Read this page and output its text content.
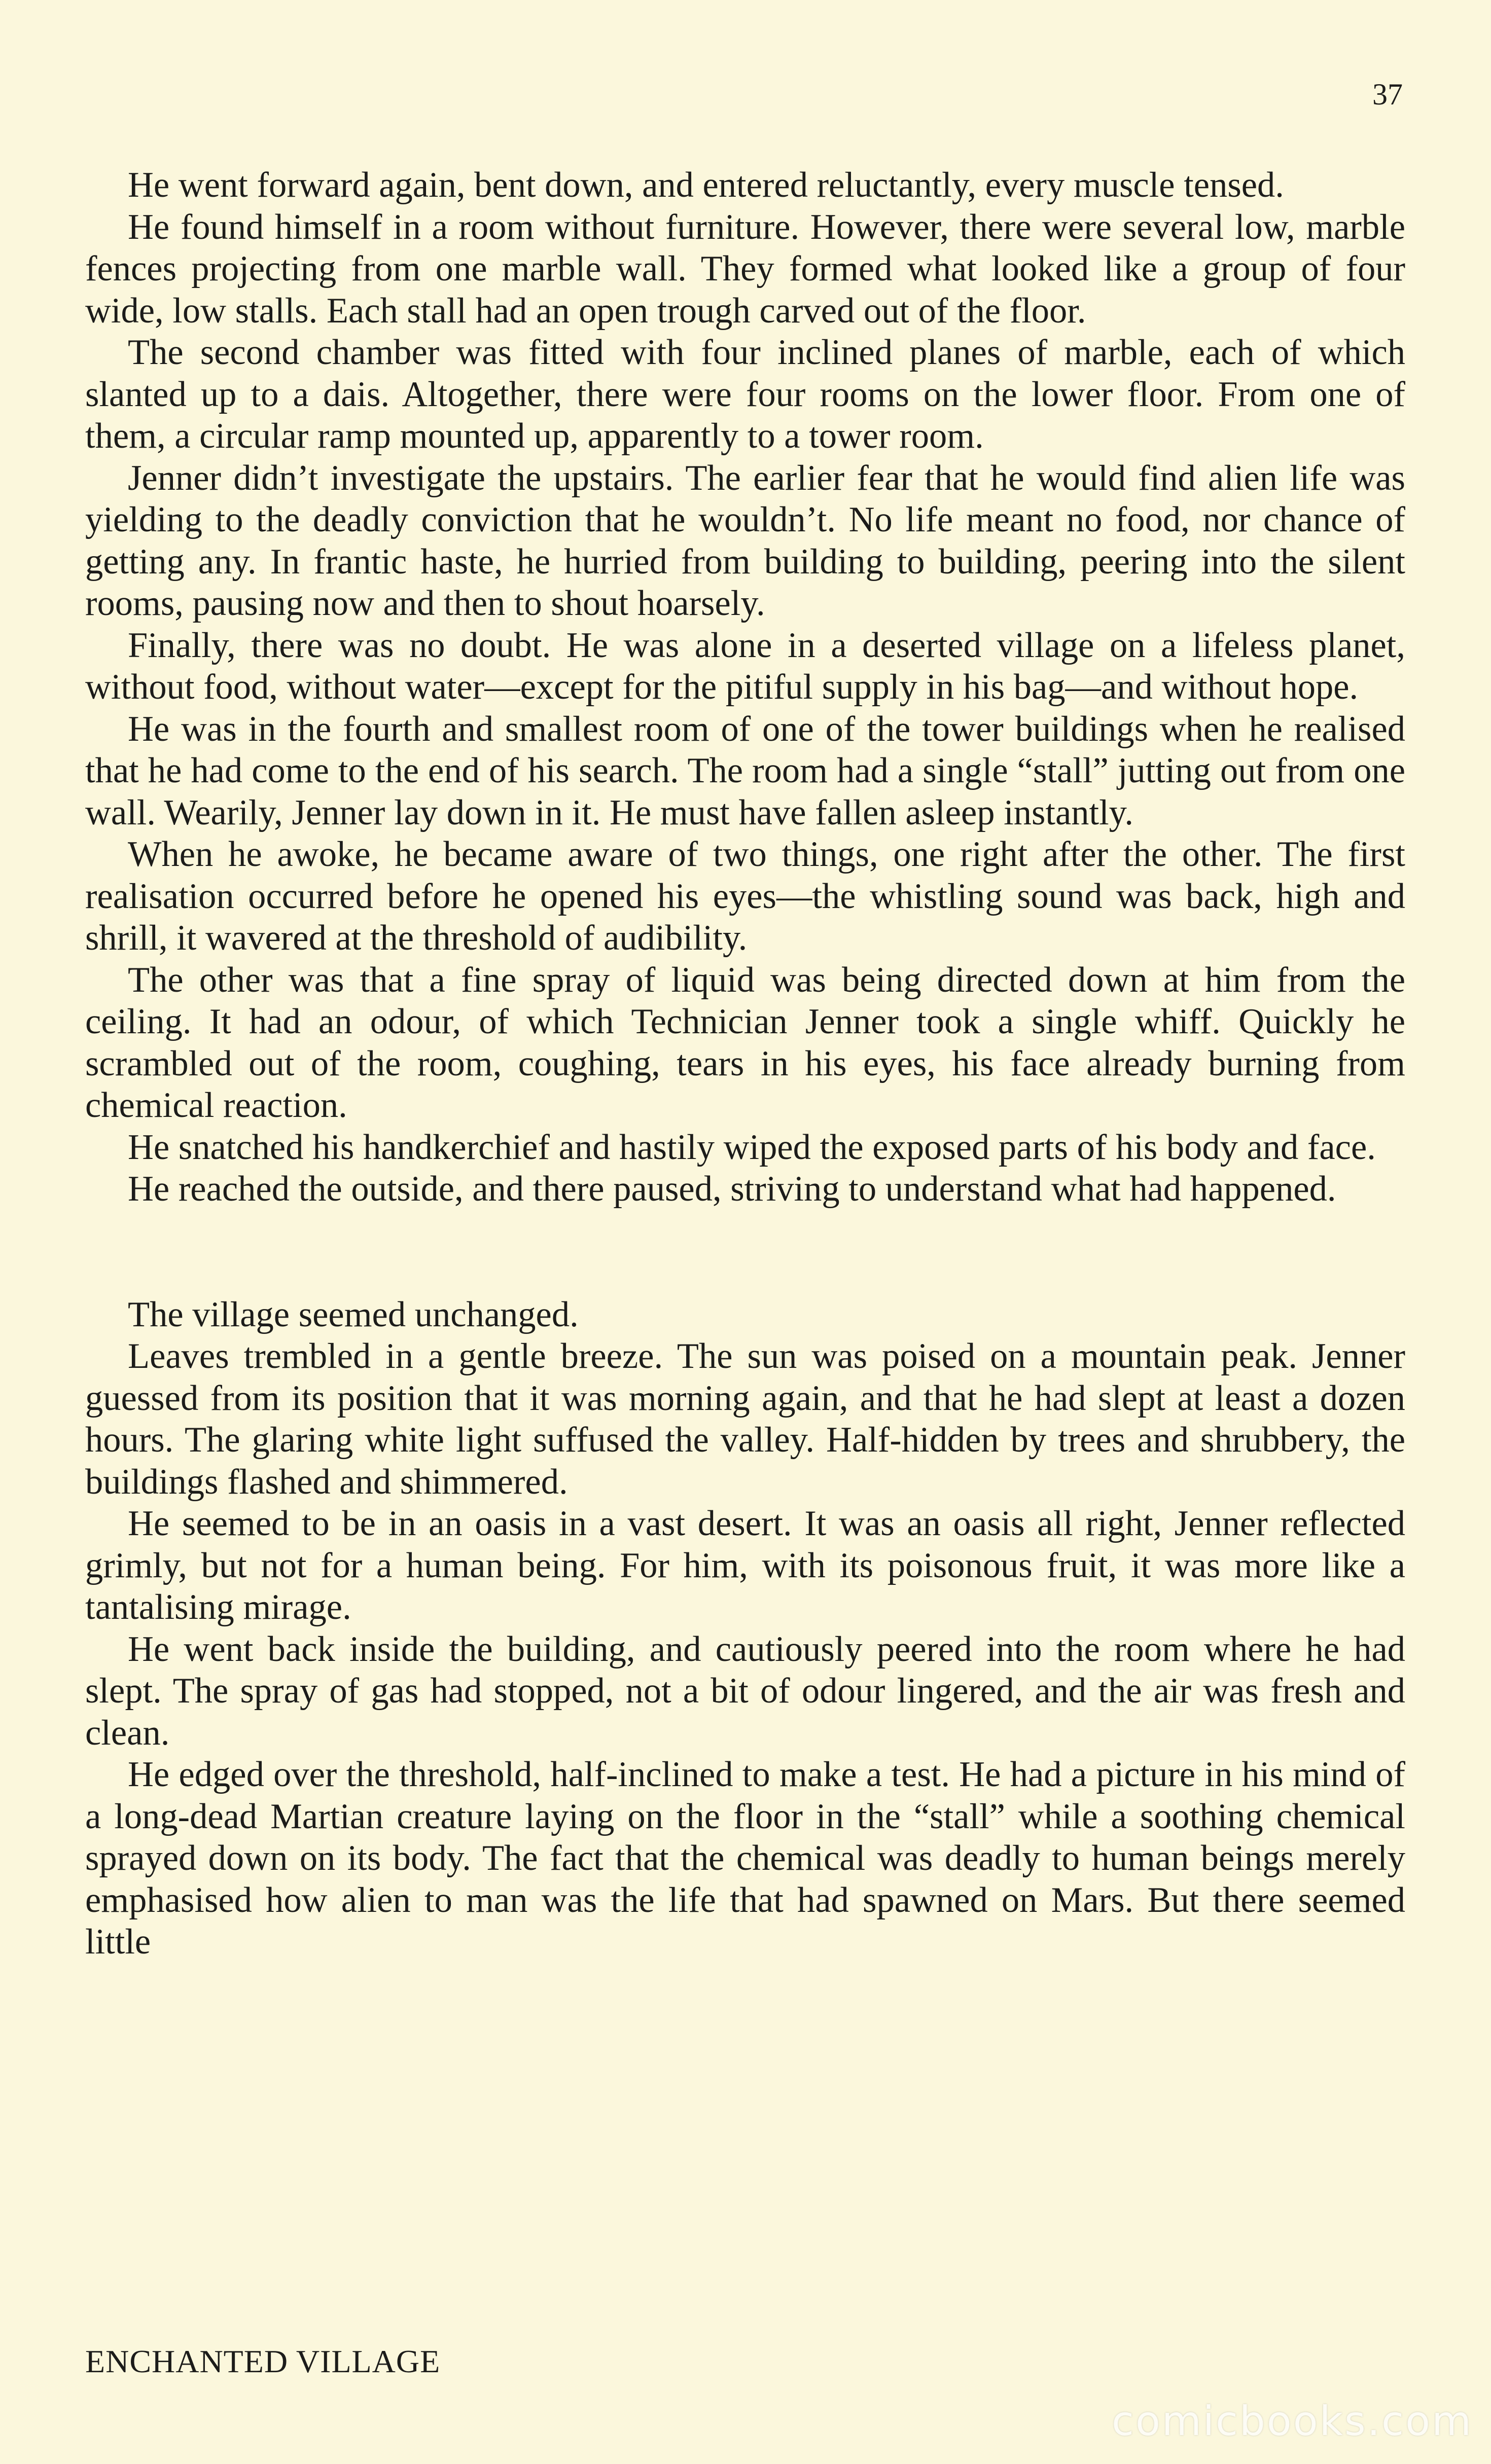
37

He went forward again, bent down, and entered reluctantly, every muscle tensed.

He found himself in a room without furniture. However, there were several low, marble fences projecting from one marble wall. They formed what looked like a group of four wide, low stalls. Each stall had an open trough carved out of the floor.

The second chamber was fitted with four inclined planes of marble, each of which slanted up to a dais. Altogether, there were four rooms on the lower floor. From one of them, a circular ramp mounted up, apparently to a tower room.

Jenner didn’t investigate the upstairs. The earlier fear that he would find alien life was yielding to the deadly conviction that he wouldn’t. No life meant no food, nor chance of getting any. In frantic haste, he hurried from building to building, peering into the silent rooms, pausing now and then to shout hoarsely.

Finally, there was no doubt. He was alone in a deserted village on a lifeless planet, without food, without water—except for the pitiful supply in his bag—and without hope.

He was in the fourth and smallest room of one of the tower buildings when he realised that he had come to the end of his search. The room had a single “stall” jutting out from one wall. Wearily, Jenner lay down in it. He must have fallen asleep instantly.

When he awoke, he became aware of two things, one right after the other. The first realisation occurred before he opened his eyes—the whistling sound was back, high and shrill, it wavered at the threshold of audibility.

The other was that a fine spray of liquid was being directed down at him from the ceiling. It had an odour, of which Technician Jenner took a single whiff. Quickly he scrambled out of the room, coughing, tears in his eyes, his face already burning from chemical reaction.

He snatched his handkerchief and hastily wiped the exposed parts of his body and face.

He reached the outside, and there paused, striving to understand what had happened.

The village seemed unchanged.

Leaves trembled in a gentle breeze. The sun was poised on a mountain peak. Jenner guessed from its position that it was morning again, and that he had slept at least a dozen hours. The glaring white light suffused the valley. Half-hidden by trees and shrubbery, the buildings flashed and shimmered.

He seemed to be in an oasis in a vast desert. It was an oasis all right, Jenner reflected grimly, but not for a human being. For him, with its poisonous fruit, it was more like a tantalising mirage.

He went back inside the building, and cautiously peered into the room where he had slept. The spray of gas had stopped, not a bit of odour lingered, and the air was fresh and clean.

He edged over the threshold, half-inclined to make a test. He had a picture in his mind of a long-dead Martian creature laying on the floor in the “stall” while a soothing chemical sprayed down on its body. The fact that the chemical was deadly to human beings merely emphasised how alien to man was the life that had spawned on Mars. But there seemed little

ENCHANTED VILLAGE
comicbooks.com
